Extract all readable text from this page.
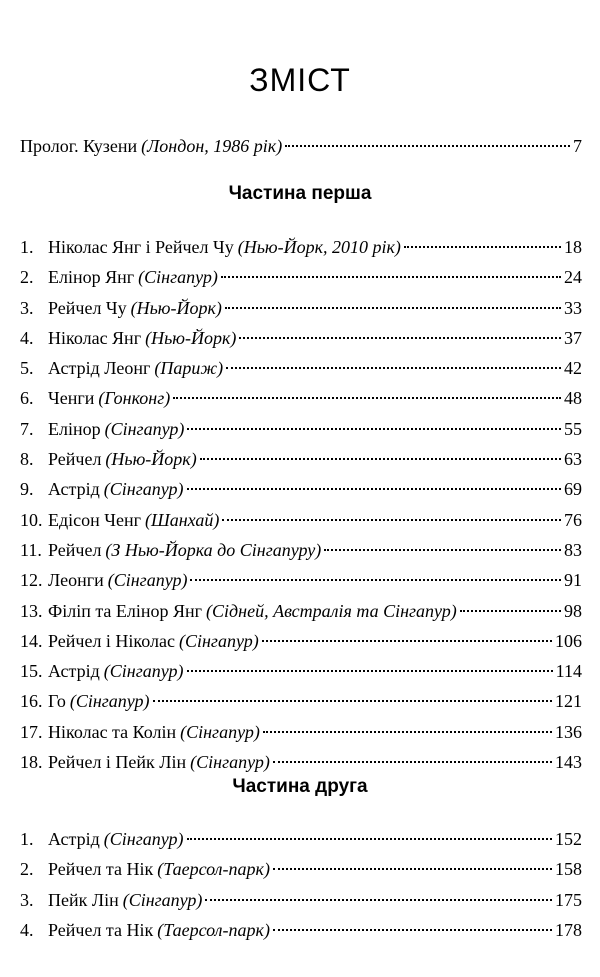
ЗМІСТ
Пролог. Кузени (Лондон, 1986 рік)	7
Частина перша
1. Ніколас Янг і Рейчел Чу (Нью-Йорк, 2010 рік)	18
2. Елінор Янг (Сінгапур)	24
3. Рейчел Чу (Нью-Йорк)	33
4. Ніколас Янг (Нью-Йорк)	37
5. Астрід Леонг (Париж)	42
6. Ченги (Гонконг)	48
7. Елінор (Сінгапур)	55
8. Рейчел (Нью-Йорк)	63
9. Астрід (Сінгапур)	69
10. Едісон Ченг (Шанхай)	76
11. Рейчел (З Нью-Йорка до Сінгапуру)	83
12. Леонги (Сінгапур)	91
13. Філіп та Елінор Янг (Сідней, Австралія та Сінгапур)	98
14. Рейчел і Ніколас (Сінгапур)	106
15. Астрід (Сінгапур)	114
16. Го (Сінгапур)	121
17. Ніколас та Колін (Сінгапур)	136
18. Рейчел і Пейк Лін (Сінгапур)	143
Частина друга
1. Астрід (Сінгапур)	152
2. Рейчел та Нік (Таерсол-парк)	158
3. Пейк Лін (Сінгапур)	175
4. Рейчел та Нік (Таерсол-парк)	178
